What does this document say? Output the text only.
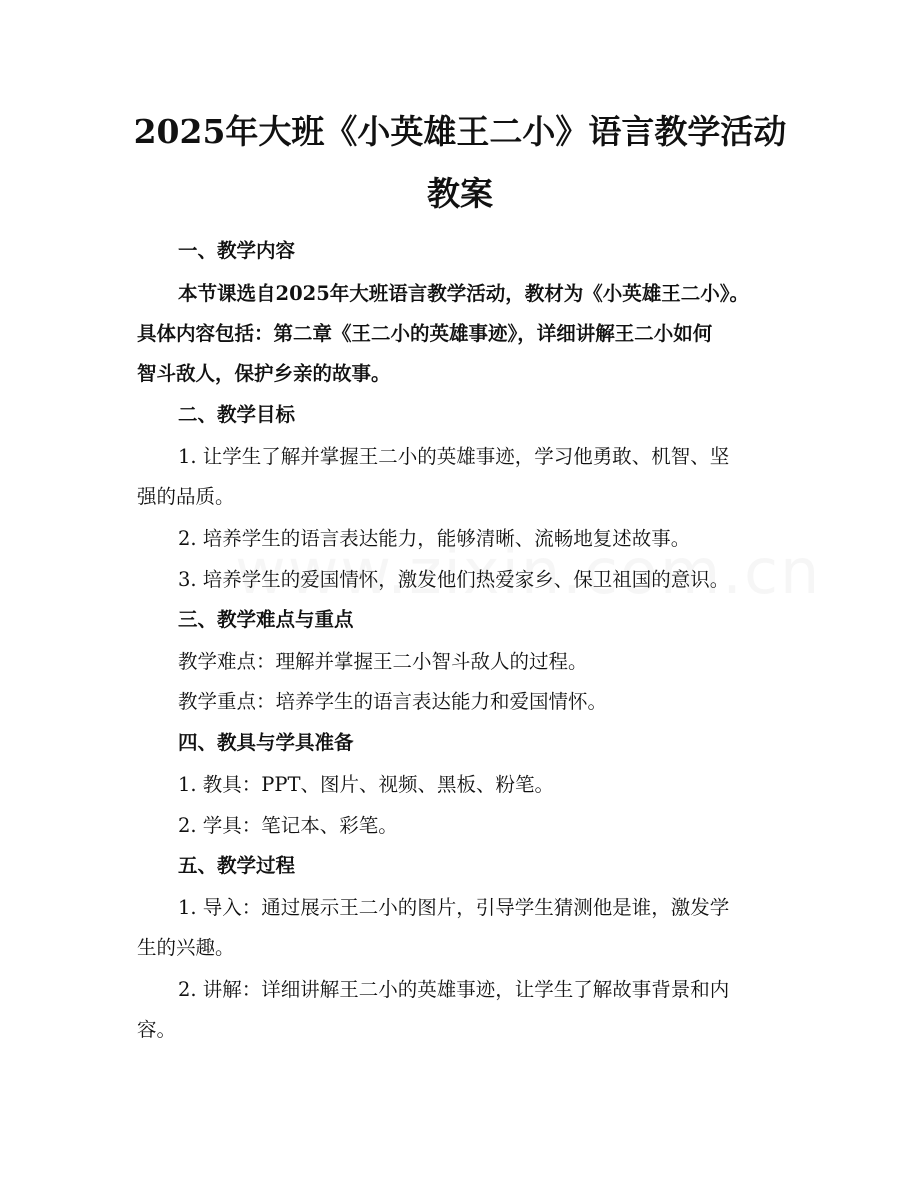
2025年大班《小英雄王二小》语言教学活动
教案
一、教学内容
本节课选自2025年大班语言教学活动，教材为《小英雄王二小》。
具体内容包括：第二章《王二小的英雄事迹》，详细讲解王二小如何
智斗敌人，保护乡亲的故事。
二、教学目标
1. 让学生了解并掌握王二小的英雄事迹，学习他勇敢、机智、坚
强的品质。
2. 培养学生的语言表达能力，能够清晰、流畅地复述故事。
3. 培养学生的爱国情怀，激发他们热爱家乡、保卫祖国的意识。
三、教学难点与重点
教学难点：理解并掌握王二小智斗敌人的过程。
教学重点：培养学生的语言表达能力和爱国情怀。
四、教具与学具准备
1. 教具：PPT、图片、视频、黑板、粉笔。
2. 学具：笔记本、彩笔。
五、教学过程
1. 导入：通过展示王二小的图片，引导学生猜测他是谁，激发学
生的兴趣。
2. 讲解：详细讲解王二小的英雄事迹，让学生了解故事背景和内
容。
